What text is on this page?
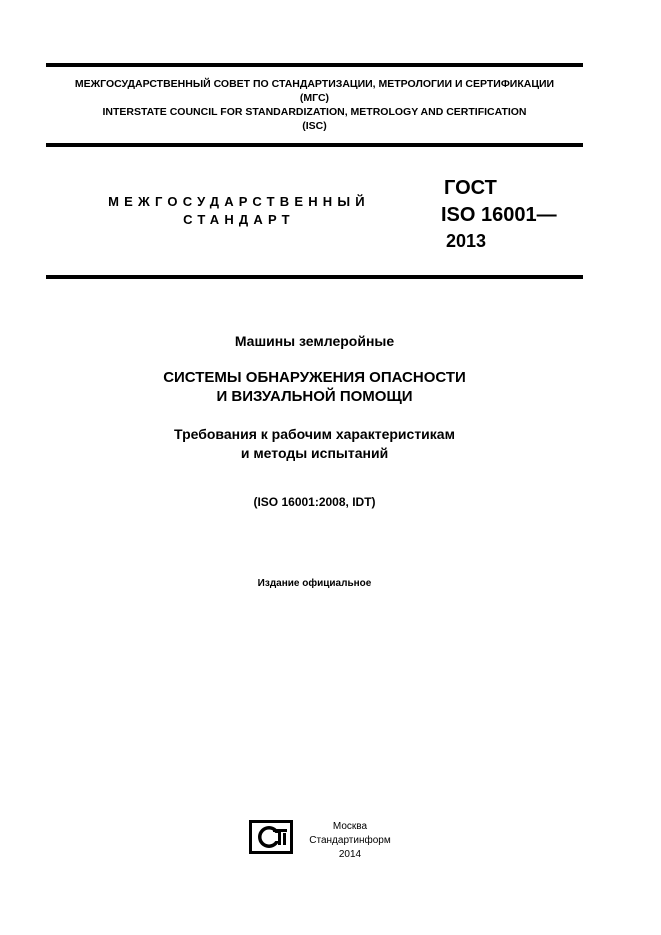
МЕЖГОСУДАРСТВЕННЫЙ СОВЕТ ПО СТАНДАРТИЗАЦИИ, МЕТРОЛОГИИ И СЕРТИФИКАЦИИ
(МГС)
INTERSTATE COUNCIL FOR STANDARDIZATION, METROLOGY AND CERTIFICATION
(ISC)
МЕЖГОСУДАРСТВЕННЫЙ
СТАНДАРТ
ГОСТ
ISO 16001—
2013
Машины землеройные
СИСТЕМЫ ОБНАРУЖЕНИЯ ОПАСНОСТИ
И ВИЗУАЛЬНОЙ ПОМОЩИ
Требования к рабочим характеристикам
и методы испытаний
(ISO 16001:2008, IDT)
Издание официальное
Москва
Стандартинформ
2014
